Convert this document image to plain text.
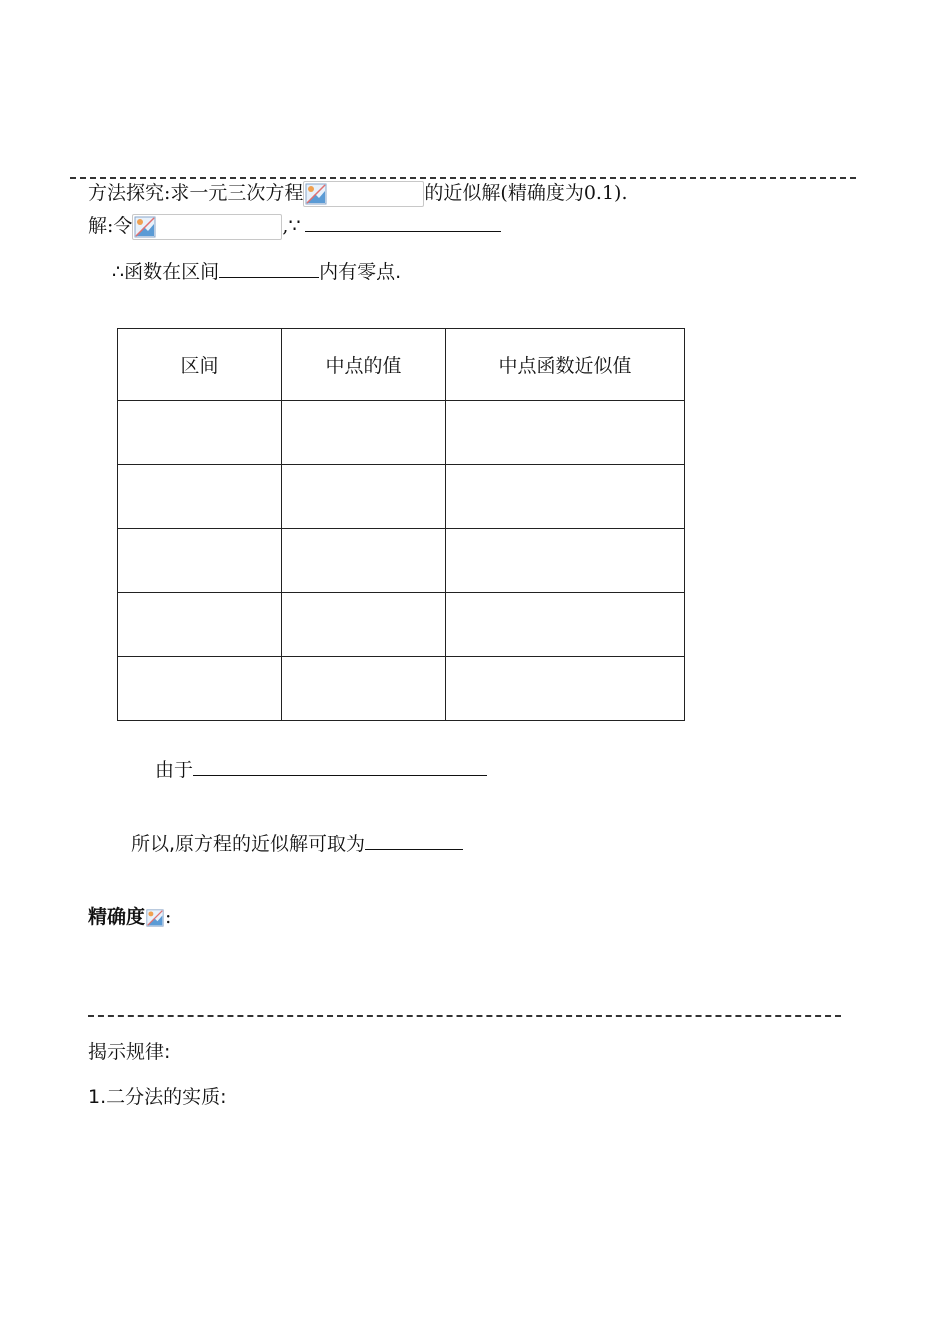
方法探究:求一元三次方程	的近似解(精确度为0.1).
解:令	,∵
∴函数在区间	内有零点.
区间	中点的值	中点函数近似值

由于
所以,原方程的近似解可取为
精确度 :
揭示规律:
1.二分法的实质:
